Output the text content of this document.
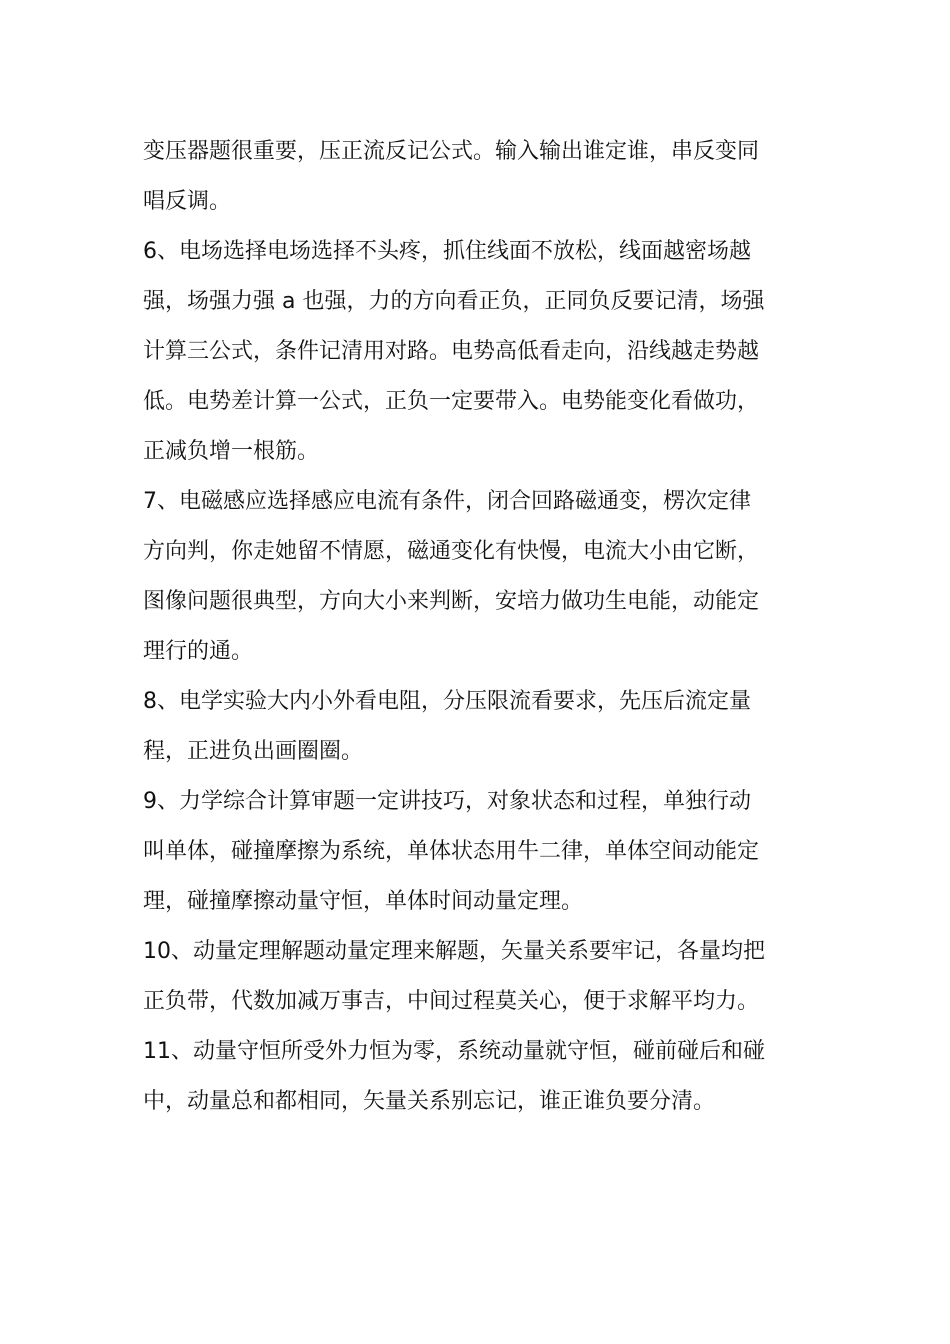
变压器题很重要，压正流反记公式。输入输出谁定谁，串反变同
唱反调。
6、电场选择电场选择不头疼，抓住线面不放松，线面越密场越
强，场强力强 a 也强，力的方向看正负，正同负反要记清，场强
计算三公式，条件记清用对路。电势高低看走向，沿线越走势越
低。电势差计算一公式，正负一定要带入。电势能变化看做功，
正减负增一根筋。
7、电磁感应选择感应电流有条件，闭合回路磁通变，楞次定律
方向判，你走她留不情愿，磁通变化有快慢，电流大小由它断，
图像问题很典型，方向大小来判断，安培力做功生电能，动能定
理行的通。
8、电学实验大内小外看电阻，分压限流看要求，先压后流定量
程，正进负出画圈圈。
9、力学综合计算审题一定讲技巧，对象状态和过程，单独行动
叫单体，碰撞摩擦为系统，单体状态用牛二律，单体空间动能定
理，碰撞摩擦动量守恒，单体时间动量定理。
10、动量定理解题动量定理来解题，矢量关系要牢记，各量均把
正负带，代数加减万事吉，中间过程莫关心，便于求解平均力。
11、动量守恒所受外力恒为零，系统动量就守恒，碰前碰后和碰
中，动量总和都相同，矢量关系别忘记，谁正谁负要分清。
